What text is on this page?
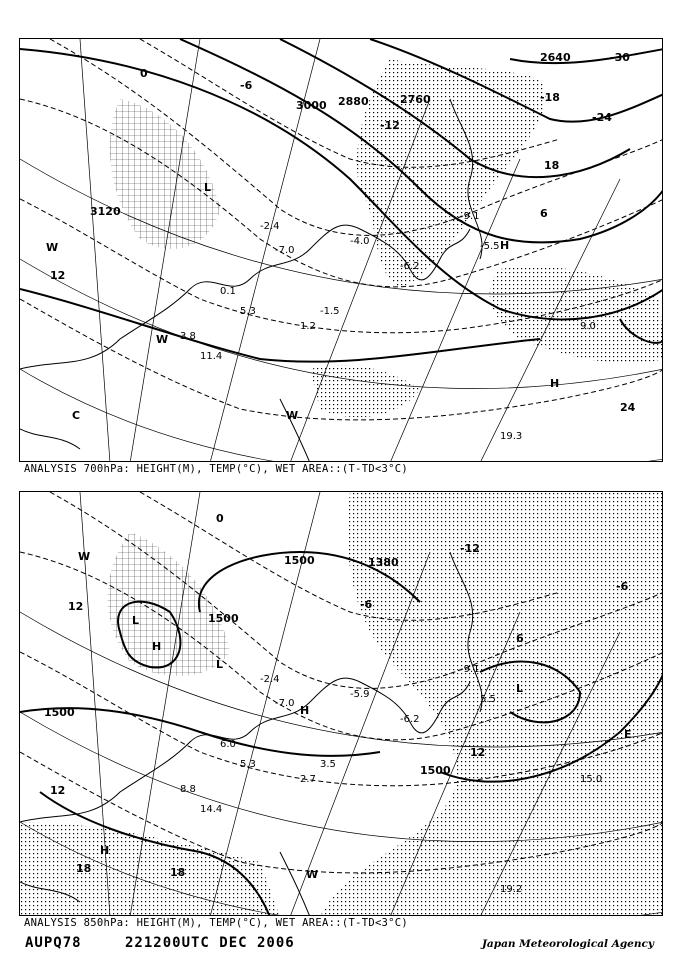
-2.4
-7.0
0.1
5.3
1.2
-1.5
-4.0
-6.2
-9.1
-5.5
3.8
11.4
9.0
19.3
3120
3000 2880	2760
2640
0
-6
-12
-18
-24
-30
6
12
18
24
L
H
W
W
W
C
H
ANALYSIS 700hPa: HEIGHT(M), TEMP(°C), WET AREA::(T-TD<3°C)
-2.4
-7.0
6.0
5.3
2.7
3.5
-5.9
-6.2
-9.1
5.5
8.8
14.4
15.0
19.2
1500
1500
1500
1380
1500
0
-6
-12
6
12
18
12
18
12
-6
L
L
H
W
H
L
H
W
E
ANALYSIS 850hPa: HEIGHT(M), TEMP(°C), WET AREA::(T-TD<3°C)
AUPQ78	221200UTC DEC 2006	Japan Meteorological Agency
